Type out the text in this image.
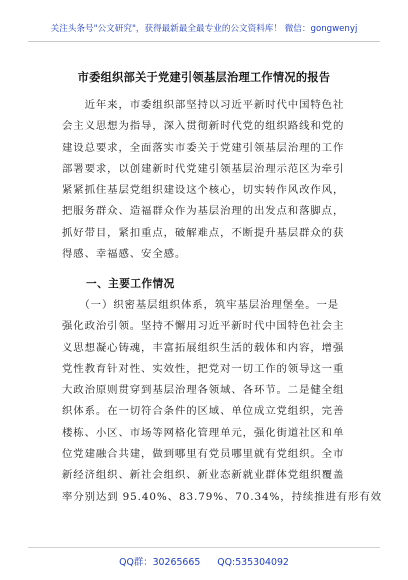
关注头条号"公文研究"，获得最新最全最专业的公文资料库！ 微信：gongwenyj
市委组织部关于党建引领基层治理工作情况的报告
　　近年来，市委组织部坚持以习近平新时代中国特色社
会主义思想为指导，深入贯彻新时代党的组织路线和党的
建设总要求，全面落实市委关于党建引领基层治理的工作
部署要求，以创建新时代党建引领基层治理示范区为牵引
紧紧抓住基层党组织建设这个核心，切实转作风改作风，
把服务群众、造福群众作为基层治理的出发点和落脚点，
抓好带目，紧扣重点，破解难点，不断提升基层群众的获
得感、幸福感、安全感。
一、主要工作情况
　　（一）织密基层组织体系，筑牢基层治理堡垒。一是
强化政治引领。坚持不懈用习近平新时代中国特色社会主
义思想凝心铸魂，丰富拓展组织生活的载体和内容，增强
党性教育针对性、实效性，把党对一切工作的领导这一重
大政治原则贯穿到基层治理各领域、各环节。二是健全组
织体系。在一切符合条件的区域、单位成立党组织，完善
楼栋、小区、市场等网格化管理单元，强化街道社区和单
位党建融合共建，做到哪里有党员哪里就有党组织。全市
新经济组织、新社会组织、新业态新就业群体党组织覆盖
率分别达到 95.40%、83.79%、70.34%，持续推进有形有效
QQ群：30265665 QQ:535304092
